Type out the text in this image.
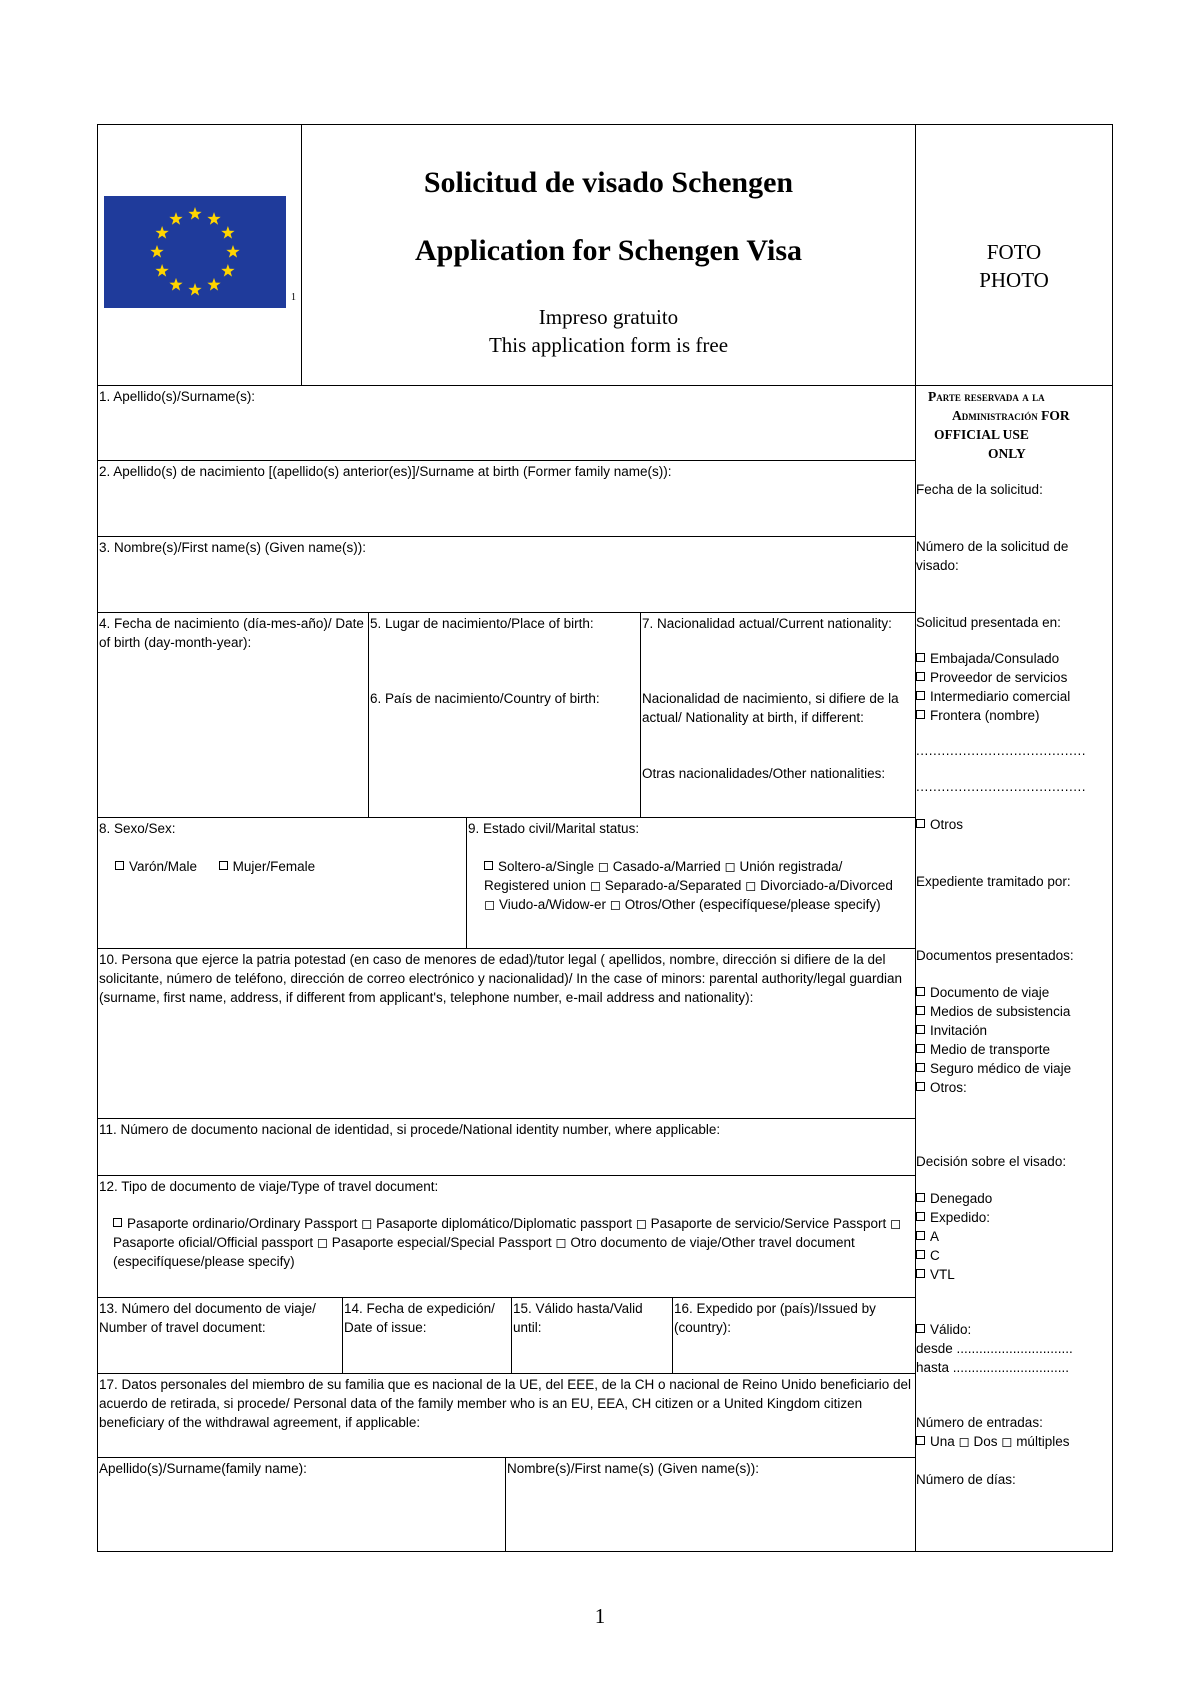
1
Solicitud de visado Schengen
Application for Schengen Visa
Impreso gratuito
This application form is free
FOTO
PHOTO
1. Apellido(s)/Surname(s):
2. Apellido(s) de nacimiento [(apellido(s) anterior(es)]/Surname at birth (Former family name(s)):
3. Nombre(s)/First name(s) (Given name(s)):
4. Fecha de nacimiento (día-mes-año)/ Date of birth (day-month-year):
5. Lugar de nacimiento/Place of birth:
6. País de nacimiento/Country of birth:
7. Nacionalidad actual/Current nationality:
Nacionalidad de nacimiento, si difiere de la actual/ Nationality at birth, if different:
Otras nacionalidades/Other nationalities:
8. Sexo/Sex:
Varón/Male	Mujer/Female
9. Estado civil/Marital status:
Soltero-a/Single ◻ Casado-a/Married ◻ Unión registrada/ Registered union ◻ Separado-a/Separated ◻ Divorciado-a/Divorced ◻ Viudo-a/Widow-er ◻ Otros/Other (especifíquese/please specify)
10. Persona que ejerce la patria potestad (en caso de menores de edad)/tutor legal ( apellidos, nombre, dirección si difiere de la del solicitante, número de teléfono, dirección de correo electrónico y nacionalidad)/ In the case of minors: parental authority/legal guardian (surname, first name, address, if different from applicant's, telephone number, e-mail address and nationality):
11. Número de documento nacional de identidad, si procede/National identity number, where applicable:
12. Tipo de documento de viaje/Type of travel document:
Pasaporte ordinario/Ordinary Passport ◻ Pasaporte diplomático/Diplomatic passport ◻ Pasaporte de servicio/Service Passport ◻ Pasaporte oficial/Official passport ◻ Pasaporte especial/Special Passport ◻ Otro documento de viaje/Other travel document (especifíquese/please specify)
13. Número del documento de viaje/ Number of travel document:
14. Fecha de expedición/ Date of issue:
15. Válido hasta/Valid until:
16. Expedido por (país)/Issued by (country):
17. Datos personales del miembro de su familia que es nacional de la UE, del EEE, de la CH o nacional de Reino Unido beneficiario del acuerdo de retirada, si procede/ Personal data of the family member who is an EU, EEA, CH citizen or a United Kingdom citizen beneficiary of the withdrawal agreement, if applicable:
Apellido(s)/Surname(family name):	Nombre(s)/First name(s) (Given name(s)):
Parte reservada a la
Administración FOR
OFFICIAL USE
ONLY
Fecha de la solicitud:
Número de la solicitud de visado:
Solicitud presentada en:
Embajada/Consulado
Proveedor de servicios
Intermediario comercial
Frontera (nombre)
........................................
........................................
Otros
Expediente tramitado por:
Documentos presentados:
Documento de viaje
Medios de subsistencia
Invitación
Medio de transporte
Seguro médico de viaje
Otros:
Decisión sobre el visado:
Denegado
Expedido:
A
C
VTL
Válido:
desde ...............................
hasta ...............................
Número de entradas:
Una ◻ Dos ◻ múltiples
Número de días:
1
